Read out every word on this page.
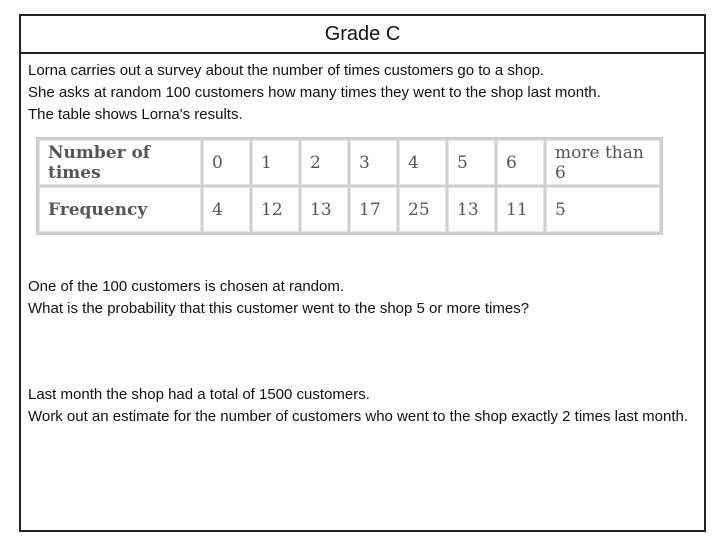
Grade C
Lorna carries out a survey about the number of times customers go to a shop.
She asks at random 100 customers how many times they went to the shop last month.
The table shows Lorna's results.
Number of times	0	1	2	3	4	5	6	more than 6
Frequency	4	12	13	17	25	13	11	5
One of the 100 customers is chosen at random.
What is the probability that this customer went to the shop 5 or more times?
Last month the shop had a total of 1500 customers.
Work out an estimate for the number of customers who went to the shop exactly 2 times last month.
